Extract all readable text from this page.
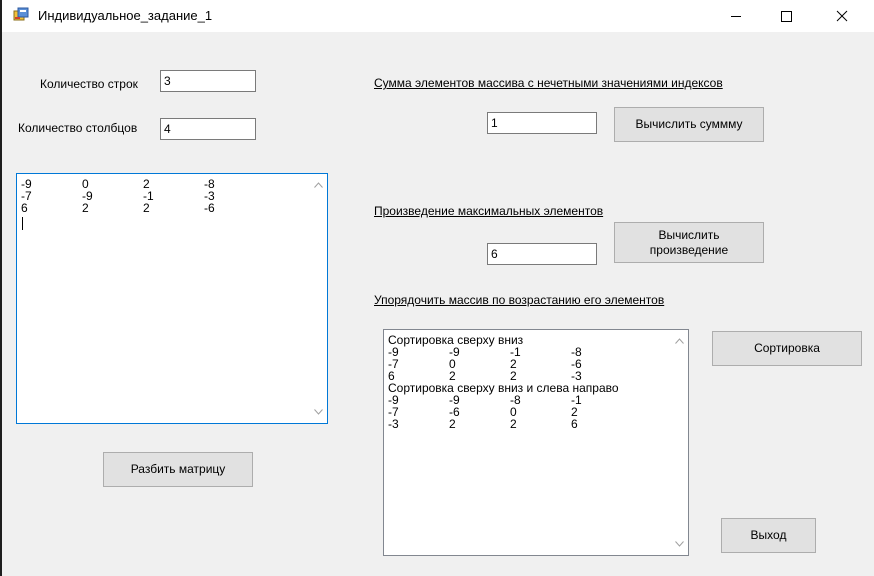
Индивидуальное_задание_1
Количество строк	3
Количество столбцов	4
-9	0	2	-8
-7	-9	-1	-3
6	2	2	-6
Разбить матрицу
Сумма элементов массива с нечетными значениями индексов
1	Вычислить суммму
Произведение максимальных элементов
6
Вычислить
произведение
Упорядочить массив по возрастанию его элементов
Сортировка сверху вниз
-9	-9	-1	-8
-7	0	2	-6
6	2	2	-3
Сортировка сверху вниз и слева направо
-9	-9	-8	-1
-7	-6	0	2
-3	2	2	6
Сортировка
Выход
